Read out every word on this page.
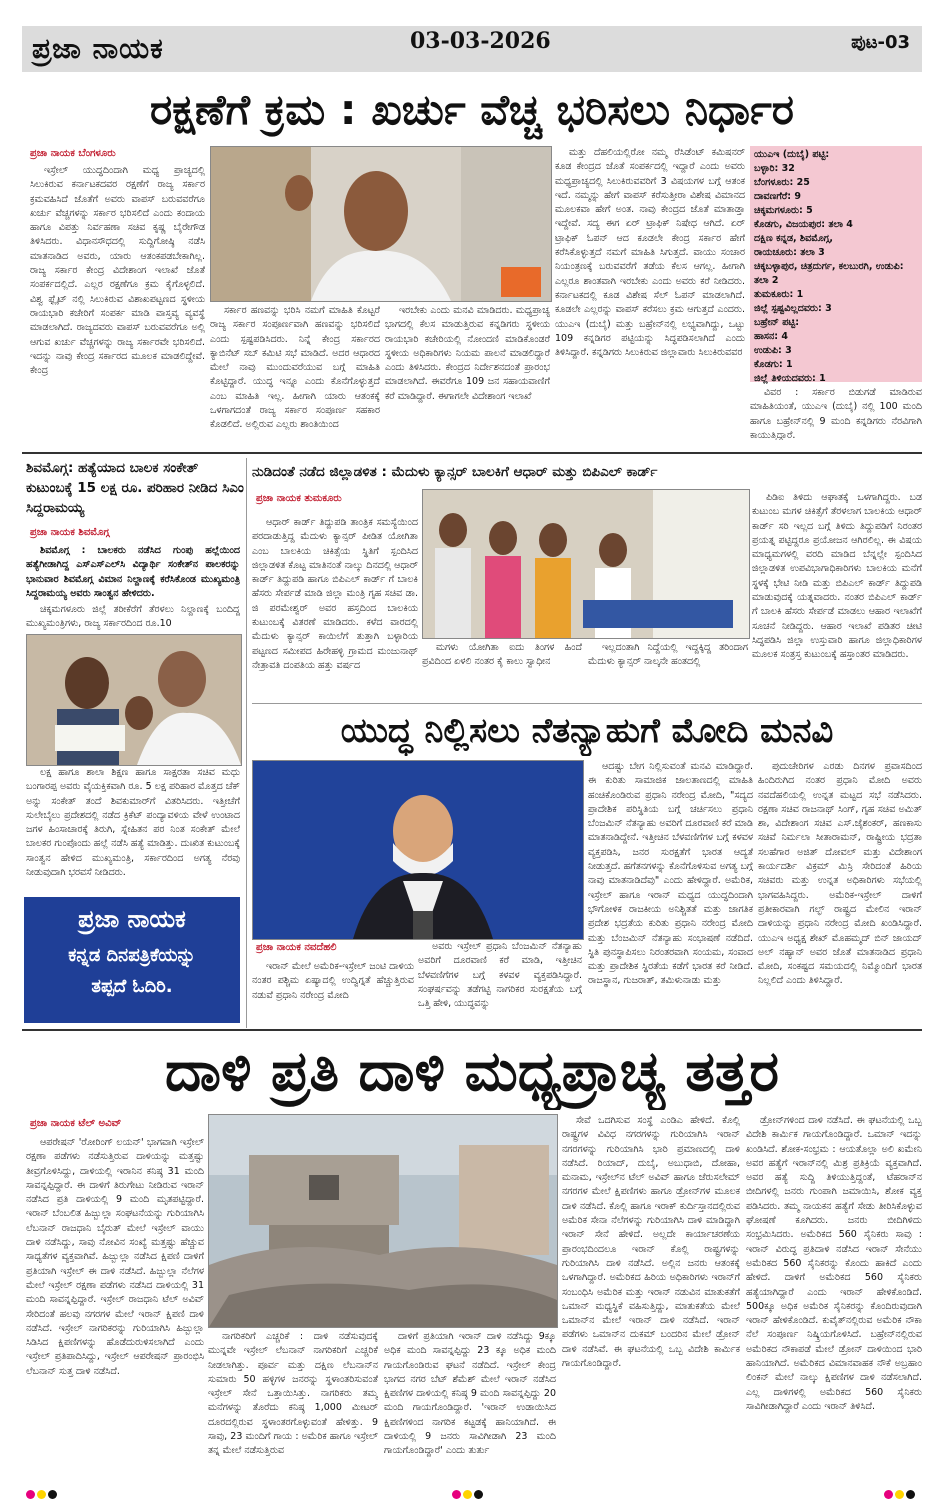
ಪ್ರಜಾ ನಾಯಕ	03-03-2026	ಪುಟ-03
ರಕ್ಷಣೆಗೆ ಕ್ರಮ : ಖರ್ಚು ವೆಚ್ಚ ಭರಿಸಲು ನಿರ್ಧಾರ
ಪ್ರಜಾ ನಾಯಕ ಬೆಂಗಳೂರು

ಇಸ್ರೇಲ್ ಯುದ್ಧದಿಂದಾಗಿ ಮಧ್ಯ ಪ್ರಾಚ್ಯದಲ್ಲಿ ಸಿಲುಕಿರುವ ಕರ್ನಾಟಕದವರ ರಕ್ಷಣೆಗೆ ರಾಜ್ಯ ಸರ್ಕಾರ ಕ್ರಮವಹಿಸಿದೆ ಜೊತೆಗೆ ಅವರು ವಾಪಸ್ ಬರುವವರೆಗೂ ಖರ್ಚು ವೆಚ್ಚಗಳನ್ನು ಸರ್ಕಾರ ಭರಿಸಲಿದೆ ಎಂದು ಕಂದಾಯ ಹಾಗೂ ವಿಪತ್ತು ನಿರ್ವಹಣಾ ಸಚಿವ ಕೃಷ್ಣ ಬೈರೇಗೌಡ ತಿಳಿಸಿದರು. ವಿಧಾನಸೌಧದಲ್ಲಿ ಸುದ್ದಿಗೋಷ್ಠಿ ನಡೆಸಿ ಮಾತನಾಡಿದ ಅವರು, ಯಾರು ಆತಂಕಪಡಬೇಕಾಗಿಲ್ಲ. ರಾಜ್ಯ ಸರ್ಕಾರ ಕೇಂದ್ರ ವಿದೇಶಾಂಗ ಇಲಾಖೆ ಜೊತೆ ಸಂಪರ್ಕದಲ್ಲಿದೆ. ಎಲ್ಲರ ರಕ್ಷಣೆಗೂ ಕ್ರಮ ಕೈಗೊಳ್ಳಲಿದೆ. ವಿಶ್ವ ಫ್ಲೈಟ್ ನಲ್ಲಿ ಸಿಲುಕಿರುವ ವಿಶಾಖಪಟ್ಟಣದ ಸ್ಥಳೀಯ ರಾಯಭಾರಿ ಕಚೇರಿಗೆ ಸಂಪರ್ಕ ಮಾಡಿ ವಾಸ್ತವ್ಯ ವ್ಯವಸ್ಥೆ ಮಾಡಲಾಗಿದೆ. ರಾಜ್ಯದವರು ವಾಪಸ್ ಬರುವವರೆಗೂ ಅಲ್ಲಿ ಆಗುವ ಖರ್ಚು ವೆಚ್ಚಗಳನ್ನು ರಾಜ್ಯ ಸರ್ಕಾರವೇ ಭರಿಸಲಿದೆ. ಇದನ್ನು ನಾವು ಕೇಂದ್ರ ಸರ್ಕಾರದ ಮೂಲಕ ಮಾಡಲಿದ್ದೇವೆ. ಕೇಂದ್ರ

ಸರ್ಕಾರ ಹಣವನ್ನು ಭರಿಸಿ ನಮಗೆ ಮಾಹಿತಿ ಕೊಟ್ಟರೆ ರಾಜ್ಯ ಸರ್ಕಾರ ಸಂಪೂರ್ಣವಾಗಿ ಹಣವನ್ನು ಭರಿಸಲಿದೆ ಎಂದು ಸ್ಪಷ್ಟಪಡಿಸಿದರು. ನಿನ್ನೆ ಕೇಂದ್ರ ಸರ್ಕಾರದ ಕ್ಯಾಬಿನೆಟ್ ಸಬ್ ಕಮಿಟಿ ಸಭೆ ಮಾಡಿದೆ. ಅದರ ಆಧಾರದ ಮೇಲೆ ನಾವು ಮುಂದುವರೆಯುವ ಬಗ್ಗೆ ಮಾಹಿತಿ ಕೊಟ್ಟಿದ್ದಾರೆ. ಯುದ್ಧ ಇನ್ನೂ ಎಂದು ಕೊನೆಗೊಳ್ಳುತ್ತದೆ ಎಂಬ ಮಾಹಿತಿ ಇಲ್ಲ. ಹೀಗಾಗಿ ಯಾರು ಆತಂಕಕ್ಕೆ ಒಳಗಾಗದಂತೆ ರಾಜ್ಯ ಸರ್ಕಾರ ಸಂಪೂರ್ಣ ಸಹಕಾರ ಕೊಡಲಿದೆ. ಅಲ್ಲಿರುವ ಎಲ್ಲರು ಶಾಂತಿಯಿಂದ

ಇರಬೇಕು ಎಂದು ಮನವಿ ಮಾಡಿದರು. ಮಧ್ಯಪ್ರಾಚ್ಯ ಭಾಗದಲ್ಲಿ ಕೆಲಸ ಮಾಡುತ್ತಿರುವ ಕನ್ನಡಿಗರು ಸ್ಥಳೀಯ ರಾಯಭಾರಿ ಕಚೇರಿಯಲ್ಲಿ ನೋಂದಣಿ ಮಾಡಿಕೊಂಡರೆ ಸ್ಥಳೀಯ ಅಧಿಕಾರಿಗಳು ನಿಯಮ ಪಾಲನೆ ಮಾಡಲಿದ್ದಾರೆ ಎಂದು ತಿಳಿಸಿದರು. ಕೇಂದ್ರದ ನಿರ್ದೇಶನದಂತೆ ಪ್ರಾರಂಭ ಮಾಡಲಾಗಿದೆ. ಈವರೆಗೂ 109 ಜನ ಸಹಾಯವಾಣಿಗೆ ಕರೆ ಮಾಡಿದ್ದಾರೆ. ಈಗಾಗಲೇ ವಿದೇಶಾಂಗ ಇಲಾಖೆ

ಮತ್ತು ದೆಹಲಿಯಲ್ಲಿರೋ ನಮ್ಮ ರೆಸಿಡೆಂಟ್ ಕಮಿಷನರ್ ಕೂಡ ಕೇಂದ್ರದ ಜೊತೆ ಸಂಪರ್ಕದಲ್ಲಿ ಇದ್ದಾರೆ ಎಂದು ಅವರು ಮಧ್ಯಪ್ರಾಚ್ಯದಲ್ಲಿ ಸಿಲುಕಿರುವವರಿಗೆ 3 ವಿಷಯಗಳ ಬಗ್ಗೆ ಆತಂಕ ಇದೆ. ನಮ್ಮನ್ನು ಹೇಗೆ ವಾಪಸ್ ಕರೆಸುತ್ತೀರಾ ವಿಶೇಷ ವಿಮಾನದ ಮೂಲಕವಾ ಹೇಗೆ ಅಂತ. ನಾವು ಕೇಂದ್ರದ ಜೊತೆ ಮಾತಾಡ್ತಾ ಇದ್ದೇವೆ. ಸದ್ಯ ಈಗ ಏರ್ ಟ್ರಾಫಿಕ್ ನಿಷೇಧ ಆಗಿದೆ. ಏರ್ ಟ್ರಾಫಿಕ್ ಓಪನ್ ಆದ ಕೂಡಲೇ ಕೇಂದ್ರ ಸರ್ಕಾರ ಹೇಗೆ ಕರೆಸಿಕೊಳ್ಳುತ್ತದೆ ನಮಗೆ ಮಾಹಿತಿ ಸಿಗುತ್ತದೆ. ವಾಯು ಸಂಚಾರ ನಿಯಂತ್ರಣಕ್ಕೆ ಬರುವವರೆಗೆ ತಡೆಯ ಕೆಲಸ ಆಗಲ್ಲ. ಹೀಗಾಗಿ ಎಲ್ಲರೂ ಶಾಂತವಾಗಿ ಇರಬೇಕು ಎಂದು ಅವರು ಕರೆ ನೀಡಿದರು. ಕರ್ನಾಟಕದಲ್ಲಿ ಕೂಡ ವಿಶೇಷ ಸೆಲ್ ಓಪನ್ ಮಾಡಲಾಗಿದೆ. ಕೂಡಲೇ ಎಲ್ಲರನ್ನು ವಾಪಸ್ ಕರೆಸಲು ಕ್ರಮ ಆಗುತ್ತದೆ ಎಂದರು. ಯುಎಇ (ದುಬೈ) ಮತ್ತು ಬಹ್ರೇನ್‌ನಲ್ಲಿ ಲಭ್ಯವಾಗಿದ್ದು, ಒಟ್ಟು 109 ಕನ್ನಡಿಗರ ಪಟ್ಟಿಯನ್ನು ಸಿದ್ಧಪಡಿಸಲಾಗಿದೆ ಎಂದು ತಿಳಿಸಿದ್ದಾರೆ. ಕನ್ನಡಿಗರು ಸಿಲುಕಿರುವ ಜಿಲ್ಲಾವಾರು ಸಿಲುಕಿರುವವರ

ಯುಎಇ (ದುಬೈ) ಪಟ್ಟಿ:
ಬಳ್ಳಾರಿ: 32
ಬೆಂಗಳೂರು: 25
ದಾವಣಗೆರೆ: 9
ಚಿಕ್ಕಮಗಳೂರು: 5
ಕೊಡಗು, ವಿಜಯಪುರ: ತಲಾ 4
ದಕ್ಷಿಣ ಕನ್ನಡ, ಶಿವಮೊಗ್ಗ,
ರಾಯಚೂರು: ತಲಾ 3
ಚಿಕ್ಕಬಳ್ಳಾಪುರ, ಚಿತ್ರದುರ್ಗ, ಕಲಬುರಗಿ, ಉಡುಪಿ: ತಲಾ 2
ತುಮಕೂರು: 1
ಜಿಲ್ಲೆ ಸ್ಪಷ್ಟವಿಲ್ಲದವರು: 3
ಬಹ್ರೇನ್ ಪಟ್ಟಿ:
ಹಾಸನ: 4
ಉಡುಪಿ: 3
ಕೊಡಗು: 1
ಜಿಲ್ಲೆ ತಿಳಿಯದವರು: 1

ವಿವರ : ಸರ್ಕಾರ ಬಿಡುಗಡೆ ಮಾಡಿರುವ ಮಾಹಿತಿಯಂತೆ, ಯುಎಇ (ದುಬೈ) ನಲ್ಲಿ 100 ಮಂದಿ ಹಾಗೂ ಬಹ್ರೇನ್‌ನಲ್ಲಿ 9 ಮಂದಿ ಕನ್ನಡಿಗರು ನೆರವಿಗಾಗಿ ಕಾಯುತ್ತಿದ್ದಾರೆ.

ಶಿವಮೊಗ್ಗ: ಹತ್ಯೆಯಾದ ಬಾಲಕ ಸಂಕೇತ್ ಕುಟುಂಬಕ್ಕೆ 15 ಲಕ್ಷ ರೂ. ಪರಿಹಾರ ನೀಡಿದ ಸಿಎಂ ಸಿದ್ದರಾಮಯ್ಯ
ಪ್ರಜಾ ನಾಯಕ ಶಿವಮೊಗ್ಗ

ಶಿವಮೊಗ್ಗ : ಬಾಲಕರು ನಡೆಸಿದ ಗುಂಪು ಹಲ್ಲೆಯಿಂದ ಹತ್ಯೆಗೀಡಾಗಿದ್ದ ಎಸ್‌ಎಸ್‌ಎಲ್‌ಸಿ ವಿದ್ಯಾರ್ಥಿ ಸಂಕೇತ್‌ನ ಪಾಲಕರನ್ನು ಭಾನುವಾರ ಶಿವಮೊಗ್ಗ ವಿಮಾನ ನಿಲ್ದಾಣಕ್ಕೆ ಕರೆಸಿಕೊಂಡ ಮುಖ್ಯಮಂತ್ರಿ ಸಿದ್ದರಾಮಯ್ಯ ಅವರು ಸಾಂತ್ವನ ಹೇಳಿದರು.

ಚಿಕ್ಕಮಗಳೂರು ಜಿಲ್ಲೆ ತರೀಕೆರೆಗೆ ತೆರಳಲು ನಿಲ್ದಾಣಕ್ಕೆ ಬಂದಿದ್ದ ಮುಖ್ಯಮಂತ್ರಿಗಳು, ರಾಜ್ಯ ಸರ್ಕಾರದಿಂದ ರೂ.10

ಲಕ್ಷ ಹಾಗೂ ಶಾಲಾ ಶಿಕ್ಷಣ ಹಾಗೂ ಸಾಕ್ಷರತಾ ಸಚಿವ ಮಧು ಬಂಗಾರಪ್ಪ ಅವರು ವೈಯಕ್ತಿಕವಾಗಿ ರೂ. 5 ಲಕ್ಷ ಪರಿಹಾರ ಮೊತ್ತದ ಚೆಕ್ ಅನ್ನು ಸಂಕೇತ್ ತಂದೆ ಶಿವಕುಮಾರ್‌ಗೆ ವಿತರಿಸಿದರು. ಇತ್ತೀಚೆಗೆ ಸುಲೇಬೈಲು ಪ್ರದೇಶದಲ್ಲಿ ನಡೆದ ಕ್ರಿಕೆಟ್ ಪಂದ್ಯಾವಳಿಯ ವೇಳೆ ಉಂಟಾದ ಜಗಳ ಹಿಂಸಾಚಾರಕ್ಕೆ ತಿರುಗಿ, ಸ್ನೇಹಿತನ ಪರ ನಿಂತ ಸಂಕೇತ್ ಮೇಲೆ ಬಾಲಕರ ಗುಂಪೊಂದು ಹಲ್ಲೆ ನಡೆಸಿ ಹತ್ಯೆ ಮಾಡಿತ್ತು. ದುಃಖಿತ ಕುಟುಂಬಕ್ಕೆ ಸಾಂತ್ವನ ಹೇಳಿದ ಮುಖ್ಯಮಂತ್ರಿ, ಸರ್ಕಾರದಿಂದ ಅಗತ್ಯ ನೆರವು ನೀಡುವುದಾಗಿ ಭರವಸೆ ನೀಡಿದರು.

ಪ್ರಜಾ ನಾಯಕ
ಕನ್ನಡ ದಿನಪತ್ರಿಕೆಯನ್ನು
ತಪ್ಪದೆ ಓದಿರಿ.
ನುಡಿದಂತೆ ನಡೆದ ಜಿಲ್ಲಾಡಳಿತ : ಮೆದುಳು ಕ್ಯಾನ್ಸರ್ ಬಾಲಕಿಗೆ ಆಧಾರ್ ಮತ್ತು ಬಿಪಿಎಲ್ ಕಾರ್ಡ್
ಪ್ರಜಾ ನಾಯಕ ತುಮಕೂರು

ಆಧಾರ್ ಕಾರ್ಡ್ ತಿದ್ದುಪಡಿ ತಾಂತ್ರಿಕ ಸಮಸ್ಯೆಯಿಂದ ಪರದಾಡುತ್ತಿದ್ದ ಮೆದುಳು ಕ್ಯಾನ್ಸರ್ ಪೀಡಿತ ಯೋಗಿತಾ ಎಂಬ ಬಾಲಕಿಯ ಚಿಕಿತ್ಸೆಯ ಸ್ಥಿತಿಗೆ ಸ್ಪಂದಿಸಿದ ಜಿಲ್ಲಾಡಳಿತ ಕೊಟ್ಟ ಮಾತಿನಂತೆ ನಾಲ್ಕು ದಿನದಲ್ಲಿ ಆಧಾರ್ ಕಾರ್ಡ್ ತಿದ್ದುಪಡಿ ಹಾಗೂ ಬಿಪಿಎಲ್ ಕಾರ್ಡ್ ಗೆ ಬಾಲಕಿ ಹೆಸರು ಸೇರ್ಪಡೆ ಮಾಡಿ ಜಿಲ್ಲಾ ಮಂತ್ರಿ ಗೃಹ ಸಚಿವ ಡಾ. ಜಿ ಪರಮೇಶ್ವರ್ ಅವರ ಹಸ್ತದಿಂದ ಬಾಲಕಿಯ ಕುಟುಂಬಕ್ಕೆ ವಿತರಣೆ ಮಾಡಿದರು. ಕಳೆದ ವಾರದಲ್ಲಿ ಮೆದುಳು ಕ್ಯಾನ್ಸರ್ ಕಾಯಿಲೆಗೆ ತುತ್ತಾಗಿ ಬಳ್ಳಾರಿಯ ಪಟ್ಟಣದ ಸಮೀಪದ ಹಿರೇಹಳ್ಳಿ ಗ್ರಾಮದ ಮಂಜುನಾಥ್ ನೇತ್ರಾವತಿ ದಂಪತಿಯ ಹತ್ತು ವರ್ಷದ

ಮಗಳು ಯೋಗಿತಾ ಐದು ತಿಂಗಳ ಹಿಂದೆ ಪ್ರವಿದಿಂದ ಏಳಲಿ ನಂತರ ಕೈ ಕಾಲು ಸ್ವಾಧೀನ

ಇಲ್ಲದಂತಾಗಿ ನಿದ್ದೆಯಲ್ಲಿ ಇದ್ದಕ್ಕಿದ್ದ ತರಿಂದಾಗ ಮೆದುಳು ಕ್ಯಾನ್ಸರ್ ನಾಲ್ಕನೇ ಹಂತದಲ್ಲಿ

ಪಿಡಿಐ ತಿಳಿದು ಆಘಾತಕ್ಕೆ ಒಳಗಾಗಿದ್ದರು. ಬಡ ಕುಟುಂಬ ಮಗಳ ಚಿಕಿತ್ಸೆಗೆ ತೆರಳಲಾಗ ಬಾಲಕಿಯ ಆಧಾರ್ ಕಾರ್ಡ್ ಸರಿ ಇಲ್ಲದ ಬಗ್ಗೆ ತಿಳಿದು ತಿದ್ದುಪಡಿಗೆ ನಿರಂತರ ಪ್ರಯತ್ನ ಪಟ್ಟಿದ್ದರೂ ಪ್ರಯೋಜನ ಆಗಿರಲಿಲ್ಲ. ಈ ವಿಷಯ ಮಾಧ್ಯಮಗಳಲ್ಲಿ ವರದಿ ಮಾಡಿದ ಬೆನ್ನಲ್ಲೇ ಸ್ಪಂದಿಸಿದ ಜಿಲ್ಲಾಡಳಿತ ಉಪವಿಭಾಗಾಧಿಕಾರಿಗಳು ಬಾಲಕಿಯ ಮನೆಗೆ ಸ್ಥಳಕ್ಕೆ ಭೇಟಿ ನೀಡಿ ಮತ್ತು ಬಿಪಿಎಲ್ ಕಾರ್ಡ್ ತಿದ್ದುಪಡಿ ಮಾಡುವುದಕ್ಕೆ ಯತ್ನವಾದರು. ನಂತರ ಬಿಪಿಎಲ್ ಕಾರ್ಡ್ ಗೆ ಬಾಲಕಿ ಹೆಸರು ಸೇರ್ಪಡೆ ಮಾಡಲು ಆಹಾರ ಇಲಾಖೆಗೆ ಸೂಚನೆ ನೀಡಿದ್ದರು. ಆಹಾರ ಇಲಾಖೆ ಪಡಿತರ ಚೀಟಿ ಸಿದ್ಧಪಡಿಸಿ ಜಿಲ್ಲಾ ಉಸ್ತುವಾರಿ ಹಾಗೂ ಜಿಲ್ಲಾಧಿಕಾರಿಗಳ ಮೂಲಕ ಸಂತ್ರಸ್ತ ಕುಟುಂಬಕ್ಕೆ ಹಸ್ತಾಂತರ ಮಾಡಿದರು.

ಯುದ್ಧ ನಿಲ್ಲಿಸಲು ನೆತನ್ಯಾಹುಗೆ ಮೋದಿ ಮನವಿ
ಪ್ರಜಾ ನಾಯಕ ನವದೆಹಲಿ

ಇರಾನ್ ಮೇಲೆ ಅಮೆರಿಕ-ಇಸ್ರೇಲ್ ಜಂಟಿ ದಾಳಿಯ ನಂತರ ಪಶ್ಚಿಮ ಏಷ್ಯಾದಲ್ಲಿ ಉದ್ವಿಗ್ನತೆ ಹೆಚ್ಚುತ್ತಿರುವ ನಡುವೆ ಪ್ರಧಾನಿ ನರೇಂದ್ರ ಮೋದಿ

ಅವರು ಇಸ್ರೇಲ್ ಪ್ರಧಾನಿ ಬೆಂಜಮಿನ್ ನೆತನ್ಯಾಹು ಅವರಿಗೆ ದೂರವಾಣಿ ಕರೆ ಮಾಡಿ, ಇತ್ತೀಚಿನ ಬೆಳವಣಿಗೆಗಳ ಬಗ್ಗೆ ಕಳವಳ ವ್ಯಕ್ತಪಡಿಸಿದ್ದಾರೆ. ಸಂಘರ್ಷವನ್ನು ತಡೆಗಟ್ಟಿ ನಾಗರಿಕರ ಸುರಕ್ಷತೆಯ ಬಗ್ಗೆ ಒತ್ತಿ ಹೇಳಿ, ಯುದ್ಧವನ್ನು

ಆದಷ್ಟು ಬೇಗ ನಿಲ್ಲಿಸುವಂತೆ ಮನವಿ ಮಾಡಿದ್ದಾರೆ. ಈ ಕುರಿತು ಸಾಮಾಜಿಕ ಜಾಲತಾಣದಲ್ಲಿ ಮಾಹಿತಿ ಹಂಚಿಕೊಂಡಿರುವ ಪ್ರಧಾನಿ ನರೇಂದ್ರ ಮೋದಿ, "ಸದ್ಯದ ಪ್ರಾದೇಶಿಕ ಪರಿಸ್ಥಿತಿಯ ಬಗ್ಗೆ ಚರ್ಚಿಸಲು ಪ್ರಧಾನಿ ಬೆಂಜಮಿನ್ ನೆತನ್ಯಾಹು ಅವರಿಗೆ ದೂರವಾಣಿ ಕರೆ ಮಾಡಿ ಮಾತನಾಡಿದ್ದೇನೆ. ಇತ್ತೀಚಿನ ಬೆಳವಣಿಗೆಗಳ ಬಗ್ಗೆ ಕಳವಳ ವ್ಯಕ್ತಪಡಿಸಿ, ಜನರ ಸುರಕ್ಷತೆಗೆ ಭಾರತ ಆದ್ಯತೆ ನೀಡುತ್ತದೆ. ಹಗೆತನಗಳನ್ನು ಕೊನೆಗೊಳಿಸುವ ಅಗತ್ಯ ಬಗ್ಗೆ ನಾವು ಮಾತನಾಡಿದೆವು" ಎಂದು ಹೇಳಿದ್ದಾರೆ. ಅಮೆರಿಕ, ಇಸ್ರೇಲ್ ಹಾಗೂ ಇರಾನ್ ಮಧ್ಯದ ಯುದ್ಧದಿಂದಾಗಿ ಭೌಗೋಳಿಕ ರಾಜಕೀಯ ಅನಿಶ್ಚಿತತೆ ಮತ್ತು ಜಾಗತಿಕ ಪ್ರದೇಶ ಭದ್ರತೆಯ ಕುರಿತು ಪ್ರಧಾನಿ ನರೇಂದ್ರ ಮೋದಿ ಮತ್ತು ಬೆಂಜಮಿನ್ ನೆತನ್ಯಾಹು ಸಂಭಾಷಣೆ ನಡೆದಿದೆ. ಸ್ಥಿತಿ ಪುನಸ್ಥಾಪಿಸಲು ನಿರಂತರವಾಗಿ ಸಂಯಮ, ಸಂವಾದ ಮತ್ತು ಪ್ರಾದೇಶಿಕ ಸ್ಥಿರತೆಯ ಕಡೆಗೆ ಭಾರತ ಕರೆ ನೀಡಿದೆ. ರಾಜಸ್ಥಾನ, ಗುಜರಾತ್, ತಮಿಳುನಾಡು ಮತ್ತು

ಪುದುಚೇರಿಗಳ ಎರಡು ದಿನಗಳ ಪ್ರವಾಸದಿಂದ ಹಿಂದಿರುಗಿದ ನಂತರ ಪ್ರಧಾನಿ ಮೋದಿ ಅವರು ನವದೆಹಲಿಯಲ್ಲಿ ಉನ್ನತ ಮಟ್ಟದ ಸಭೆ ನಡೆಸಿದರು. ರಕ್ಷಣಾ ಸಚಿವ ರಾಜನಾಥ್ ಸಿಂಗ್, ಗೃಹ ಸಚಿವ ಅಮಿತ್ ಶಾ, ವಿದೇಶಾಂಗ ಸಚಿವ ಎಸ್.ಜೈಶಂಕರ್, ಹಣಕಾಸು ಸಚಿವೆ ನಿರ್ಮಲಾ ಸೀತಾರಾಮನ್, ರಾಷ್ಟ್ರೀಯ ಭದ್ರತಾ ಸಲಹೆಗಾರ ಅಜಿತ್ ದೋವಲ್ ಮತ್ತು ವಿದೇಶಾಂಗ ಕಾರ್ಯದರ್ಶಿ ವಿಕ್ರಮ್ ಮಿಸ್ರಿ ಸೇರಿದಂತೆ ಹಿರಿಯ ಸಚಿವರು ಮತ್ತು ಉನ್ನತ ಅಧಿಕಾರಿಗಳು ಸಭೆಯಲ್ಲಿ ಭಾಗವಹಿಸಿದ್ದರು. ಅಮೆರಿಕ-ಇಸ್ರೇಲ್ ದಾಳಿಗೆ ಪ್ರತೀಕಾರವಾಗಿ ಗಲ್ಫ್ ರಾಷ್ಟ್ರದ ಮೇಲಿನ ಇರಾನ್ ದಾಳಿಯನ್ನು ಪ್ರಧಾನಿ ನರೇಂದ್ರ ಮೋದಿ ಖಂಡಿಸಿದ್ದಾರೆ. ಯುಎಇ ಅಧ್ಯಕ್ಷ ಶೇಖ್ ಮೊಹಮ್ಮದ್ ಬಿನ್ ಜಾಯದ್ ಅಲ್ ನಹ್ಯಾನ್ ಅವರ ಜೊತೆ ಮಾತನಾಡಿದ ಪ್ರಧಾನಿ ಮೋದಿ, ಸಂಕಷ್ಟದ ಸಮಯದಲ್ಲಿ ನಿಮ್ಮೊಂದಿಗೆ ಭಾರತ ನಿಲ್ಲಲಿದೆ ಎಂದು ತಿಳಿಸಿದ್ದಾರೆ.

ದಾಳಿ ಪ್ರತಿ ದಾಳಿ ಮಧ್ಯಪ್ರಾಚ್ಯ ತತ್ತರ
ಪ್ರಜಾ ನಾಯಕ ಟೆಲ್ ಅವಿವ್

ಆಪರೇಷನ್ 'ರೋರಿಂಗ್ ಲಯನ್' ಭಾಗವಾಗಿ ಇಸ್ರೇಲ್ ರಕ್ಷಣಾ ಪಡೆಗಳು ನಡೆಸುತ್ತಿರುವ ದಾಳಿಯನ್ನು ಮತ್ತಷ್ಟು ತೀವ್ರಗೊಳಿಸಿದ್ದು, ದಾಳಿಯಲ್ಲಿ ಇರಾನಿನ ಕನಿಷ್ಠ 31 ಮಂದಿ ಸಾವನ್ನಪ್ಪಿದ್ದಾರೆ. ಈ ದಾಳಿಗೆ ತಿರುಗೇಟು ನೀಡಿರುವ ಇರಾನ್ ನಡೆಸಿದ ಪ್ರತಿ ದಾಳಿಯಲ್ಲಿ 9 ಮಂದಿ ಮೃತಪಟ್ಟಿದ್ದಾರೆ. ಇರಾನ್ ಬೆಂಬಲಿತ ಹಿಜ್ಬುಲ್ಲಾ ಸಂಘಟನೆಯನ್ನು ಗುರಿಯಾಗಿಸಿ ಲೆಬನಾನ್ ರಾಜಧಾನಿ ಬೈರುತ್ ಮೇಲೆ ಇಸ್ರೇಲ್ ವಾಯು ದಾಳಿ ನಡೆಸಿದ್ದು, ಸಾವು ನೋವಿನ ಸಂಖ್ಯೆ ಮತ್ತಷ್ಟು ಹೆಚ್ಚುವ ಸಾಧ್ಯತೆಗಳ ವ್ಯಕ್ತವಾಗಿವೆ. ಹಿಜ್ಬುಲ್ಲಾ ನಡೆಸಿದ ಕ್ಷಿಪಣಿ ದಾಳಿಗೆ ಪ್ರತಿಯಾಗಿ ಇಸ್ರೇಲ್ ಈ ದಾಳಿ ನಡೆಸಿದೆ. ಹಿಜ್ಬುಲ್ಲಾ ನೆಲೆಗಳ ಮೇಲೆ ಇಸ್ರೇಲ್ ರಕ್ಷಣಾ ಪಡೆಗಳು ನಡೆಸಿದ ದಾಳಿಯಲ್ಲಿ 31 ಮಂದಿ ಸಾವನ್ನಪ್ಪಿದ್ದಾರೆ. ಇಸ್ರೇಲ್ ರಾಜಧಾನಿ ಟೆಲ್ ಅವಿವ್ ಸೇರಿದಂತೆ ಹಲವು ನಗರಗಳ ಮೇಲೆ ಇರಾನ್ ಕ್ಷಿಪಣಿ ದಾಳಿ ನಡೆಸಿದೆ. ಇಸ್ರೇಲ್ ನಾಗರಿಕರನ್ನು ಗುರಿಯಾಗಿಸಿ ಹಿಜ್ಬುಲ್ಲಾ ಸಿಡಿಸಿದ ಕ್ಷಿಪಣಿಗಳನ್ನು ಹೊಡೆದುರುಳಿಸಲಾಗಿದೆ ಎಂದು ಇಸ್ರೇಲ್ ಪ್ರತಿಪಾದಿಸಿದ್ದು, ಇಸ್ರೇಲ್ ಆಪರೇಷನ್ ಪ್ರಾರಂಭಿಸಿ ಲೆಬನಾನ್ ಸುತ್ತ ದಾಳಿ ನಡೆಸಿದೆ.

ನಾಗರಿಕರಿಗೆ ಎಚ್ಚರಿಕೆ : ದಾಳಿ ನಡೆಸುವುದಕ್ಕೆ ಮುನ್ನವೇ ಇಸ್ರೇಲ್ ಲೆಬನಾನ್ ನಾಗರಿಕರಿಗೆ ಎಚ್ಚರಿಕೆ ನೀಡಲಾಗಿತ್ತು. ಪೂರ್ವ ಮತ್ತು ದಕ್ಷಿಣ ಲೆಬನಾನ್‌ನ ಸುಮಾರು 50 ಹಳ್ಳಿಗಳ ಜನರನ್ನು ಸ್ಥಳಾಂತರಿಸುವಂತೆ ಇಸ್ರೇಲ್ ಸೇನೆ ಒತ್ತಾಯಿಸಿತ್ತು. ನಾಗರಿಕರು ತಮ್ಮ ಮನೆಗಳನ್ನು ತೊರೆದು ಕನಿಷ್ಠ 1,000 ಮೀಟರ್ ದೂರದಲ್ಲಿರುವ ಸ್ಥಳಾಂತರಗೊಳ್ಳುವಂತೆ ಹೇಳಿತ್ತು. 9 ಸಾವು, 23 ಮಂದಿಗೆ ಗಾಯ : ಅಮೆರಿಕ ಹಾಗೂ ಇಸ್ರೇಲ್ ತನ್ನ ಮೇಲೆ ನಡೆಸುತ್ತಿರುವ

ದಾಳಿಗೆ ಪ್ರತಿಯಾಗಿ ಇರಾನ್ ದಾಳಿ ನಡೆಸಿದ್ದು 9ಕ್ಕೂ ಅಧಿಕ ಮಂದಿ ಸಾವನ್ನಪ್ಪಿದ್ದು 23 ಕ್ಕೂ ಅಧಿಕ ಮಂದಿ ಗಾಯಗೊಂಡಿರುವ ಘಟನೆ ನಡೆದಿದೆ. ಇಸ್ರೇಲ್ ಕೇಂದ್ರ ಭಾಗದ ನಗರ ಬೆಟ್ ಶೆಮೆಶ್ ಮೇಲೆ ಇರಾನ್ ನಡೆಸಿದ ಕ್ಷಿಪಣಿಗಳ ದಾಳಿಯಲ್ಲಿ ಕನಿಷ್ಠ 9 ಮಂದಿ ಸಾವನ್ನಪ್ಪಿದ್ದು 20 ಮಂದಿ ಗಾಯಗೊಂಡಿದ್ದಾರೆ. 'ಇರಾನ್ ಉಡಾಯಿಸಿದ ಕ್ಷಿಪಣಿಗಳಿಂದ ನಾಗರಿಕ ಕಟ್ಟಡಕ್ಕೆ ಹಾನಿಯಾಗಿದೆ. ಈ ದಾಳಿಯಲ್ಲಿ 9 ಜನರು ಸಾವಿಗೀಡಾಗಿ 23 ಮಂದಿ ಗಾಯಗೊಂಡಿದ್ದಾರೆ' ಎಂದು ತುರ್ತು

ಸೇವೆ ಒದಗಿಸುವ ಸಂಸ್ಥೆ ಎಂಡಿಎ ಹೇಳಿದೆ. ಕೊಲ್ಲಿ ರಾಷ್ಟ್ರಗಳ ವಿವಿಧ ನಗರಗಳನ್ನು ಗುರಿಯಾಗಿಸಿ ಇರಾನ್ ನಗರಗಳನ್ನು ಗುರಿಯಾಗಿಸಿ ಭಾರಿ ಪ್ರಮಾಣದಲ್ಲಿ ದಾಳಿ ನಡೆಸಿದೆ. ರಿಯಾದ್, ದುಬೈ, ಅಬುಧಾಬಿ, ದೋಹಾ, ಮನಾಮ, ಇಸ್ರೇಲ್‌ನ ಟೆಲ್ ಅವಿವ್ ಹಾಗೂ ಜೆರುಸಲೇಮ್ ನಗರಗಳ ಮೇಲೆ ಕ್ಷಿಪಣಿಗಳು ಹಾಗೂ ಡ್ರೋನ್‌ಗಳ ಮೂಲಕ ದಾಳಿ ನಡೆಸಿದೆ. ಕೊಲ್ಲಿ ಹಾಗೂ ಇರಾಕ್ ಕುರ್ದಿಸ್ತಾನದಲ್ಲಿರುವ ಅಮೆರಿಕ ಸೇನಾ ನೆಲೆಗಳನ್ನು ಗುರಿಯಾಗಿಸಿ ದಾಳಿ ಮಾಡಿದ್ದಾಗಿ ಇರಾನ್ ಸೇನೆ ಹೇಳಿದೆ. ಅಲ್ಲದೇ ಕಾರ್ಯಾಚರಣೆಯ ಪ್ರಾರಂಭದಿಂದಲೂ ಇರಾನ್ ಕೊಲ್ಲಿ ರಾಷ್ಟ್ರಗಳನ್ನು ಗುರಿಯಾಗಿಸಿ ದಾಳಿ ನಡೆಸಿದೆ. ಅಲ್ಲಿನ ಜನರು ಆತಂಕಕ್ಕೆ ಒಳಗಾಗಿದ್ದಾರೆ. ಅಮೆರಿಕದ ಹಿರಿಯ ಅಧಿಕಾರಿಗಳು ಇರಾನ್‌ಗೆ ಸಂಬಂಧಿಸಿ ಅಮೆರಿಕ ಮತ್ತು ಇರಾನ್ ನಡುವಿನ ಮಾತುಕತೆಗೆ ಒಮಾನ್ ಮಧ್ಯಸ್ಥಿಕೆ ವಹಿಸುತ್ತಿದ್ದು, ಮಾತುಕತೆಯ ಮೇಲೆ ಒಮಾನ್‌ನ ಮೇಲೆ ಇರಾನ್ ದಾಳಿ ನಡೆಸಿದೆ. ಇರಾನ್ ಪಡೆಗಳು ಒಮಾನ್‌ನ ದುಕಮ್ ಬಂದರಿನ ಮೇಲೆ ಡ್ರೋನ್ ದಾಳಿ ನಡೆಸಿವೆ. ಈ ಘಟನೆಯಲ್ಲಿ ಒಬ್ಬ ವಿದೇಶಿ ಕಾರ್ಮಿಕ ಗಾಯಗೊಂಡಿದ್ದಾರೆ.

ಡ್ರೋನ್‌ಗಳಿಂದ ದಾಳಿ ನಡೆಸಿದೆ. ಈ ಘಟನೆಯಲ್ಲಿ ಒಬ್ಬ ವಿದೇಶಿ ಕಾರ್ಮಿಕ ಗಾಯಗೊಂಡಿದ್ದಾರೆ. ಒಮಾನ್ ಇದನ್ನು ಖಂಡಿಸಿದೆ. ಶೋಕ-ಸಂಭ್ರಮ : ಆಯತೊಲ್ಲಾ ಅಲಿ ಖಮೇನಿ ಅವರ ಹತ್ಯೆಗೆ ಇರಾನ್‌ನಲ್ಲಿ ಮಿಶ್ರ ಪ್ರತಿಕ್ರಿಯೆ ವ್ಯಕ್ತವಾಗಿದೆ. ಅವರ ಹತ್ಯೆ ಸುದ್ದಿ ತಿಳಿಯುತ್ತಿದ್ದಂತೆ, ಟೆಹರಾನ್‌ನ ಬೀದಿಗಳಲ್ಲಿ ಜನರು ಗುಂಪಾಗಿ ಜಮಾಯಿಸಿ, ಶೋಕ ವ್ಯಕ್ತ ಪಡಿಸಿದರು. ತಮ್ಮ ನಾಯಕನ ಹತ್ಯೆಗೆ ಸೇಡು ತೀರಿಸಿಕೊಳ್ಳುವ ಘೋಷಣೆ ಕೂಗಿದರು. ಜನರು ಬೀದಿಗಿಳಿದು ಸಂಭ್ರಮಿಸಿದರು. ಅಮೆರಿಕದ 560 ಸೈನಿಕರು ಸಾವು : ಇರಾನ್ ವಿರುದ್ಧ ಪ್ರತಿದಾಳಿ ನಡೆಸಿದ ಇರಾನ್ ಸೇನೆಯು ಅಮೆರಿಕದ 560 ಸೈನಿಕರನ್ನು ಕೊಂದು ಹಾಕಿದೆ ಎಂದು ಹೇಳಿದೆ. ದಾಳಿಗೆ ಅಮೆರಿಕದ 560 ಸೈನಿಕರು ಹತ್ಯೆಯಾಗಿದ್ದಾರೆ ಎಂದು ಇರಾನ್ ಹೇಳಿಕೊಂಡಿದೆ. 500ಕ್ಕೂ ಅಧಿಕ ಅಮೆರಿಕ ಸೈನಿಕರನ್ನು ಕೊಂದಿರುವುದಾಗಿ ಇರಾನ್ ಹೇಳಿಕೊಂಡಿದೆ. ಕುವೈತ್‌ನಲ್ಲಿರುವ ಅಮೆರಿಕ ನೌಕಾ ನೆಲೆ ಸಂಪೂರ್ಣ ನಿಷ್ಕ್ರಿಯಗೊಳಿಸಿದೆ. ಬಹ್ರೇನ್‌ನಲ್ಲಿರುವ ಅಮೆರಿಕದ ನೌಕಾಪಡೆ ಮೇಲೆ ಡ್ರೋನ್ ದಾಳಿಯಿಂದ ಭಾರಿ ಹಾನಿಯಾಗಿದೆ. ಅಮೆರಿಕದ ವಿಮಾನವಾಹಕ ನೌಕೆ ಅಬ್ರಹಾಂ ಲಿಂಕನ್ ಮೇಲೆ ನಾಲ್ಕು ಕ್ಷಿಪಣಿಗಳ ದಾಳಿ ನಡೆಸಲಾಗಿದೆ. ಎಲ್ಲ ದಾಳಿಗಳಲ್ಲಿ ಅಮೆರಿಕದ 560 ಸೈನಿಕರು ಸಾವಿಗೀಡಾಗಿದ್ದಾರೆ ಎಂದು ಇರಾನ್ ತಿಳಿಸಿದೆ.
